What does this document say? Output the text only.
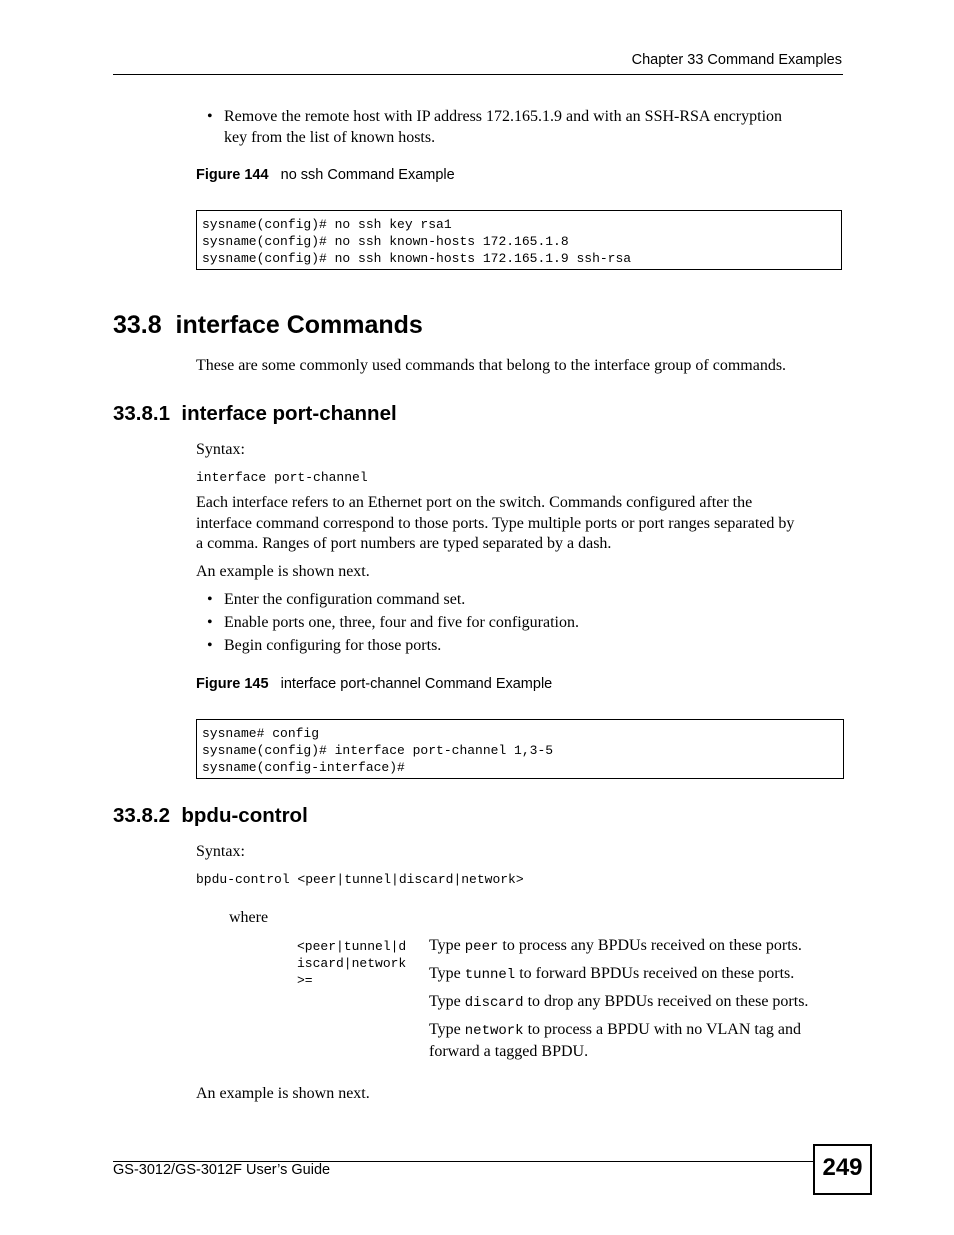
Chapter 33 Command Examples
• Remove the remote host with IP address 172.165.1.9 and with an SSH-RSA encryption
key from the list of known hosts.
Figure 144 no ssh Command Example
sysname(config)# no ssh key rsa1
sysname(config)# no ssh known-hosts 172.165.1.8
sysname(config)# no ssh known-hosts 172.165.1.9 ssh-rsa
33.8  interface Commands
These are some commonly used commands that belong to the interface group of commands.
33.8.1  interface port-channel
Syntax:
interface port-channel
Each interface refers to an Ethernet port on the switch. Commands configured after the
interface command correspond to those ports. Type multiple ports or port ranges separated by
a comma. Ranges of port numbers are typed separated by a dash.
An example is shown next.
• Enter the configuration command set.
• Enable ports one, three, four and five for configuration.
• Begin configuring for those ports.
Figure 145 interface port-channel Command Example
sysname# config
sysname(config)# interface port-channel 1,3-5
sysname(config-interface)#
33.8.2  bpdu-control
Syntax:
bpdu-control <peer|tunnel|discard|network>
where
<peer|tunnel|d
iscard|network
>=
Type peer to process any BPDUs received on these ports.
Type tunnel to forward BPDUs received on these ports.
Type discard to drop any BPDUs received on these ports.
Type network to process a BPDU with no VLAN tag and
forward a tagged BPDU.
An example is shown next.
GS-3012/GS-3012F User’s Guide	249
